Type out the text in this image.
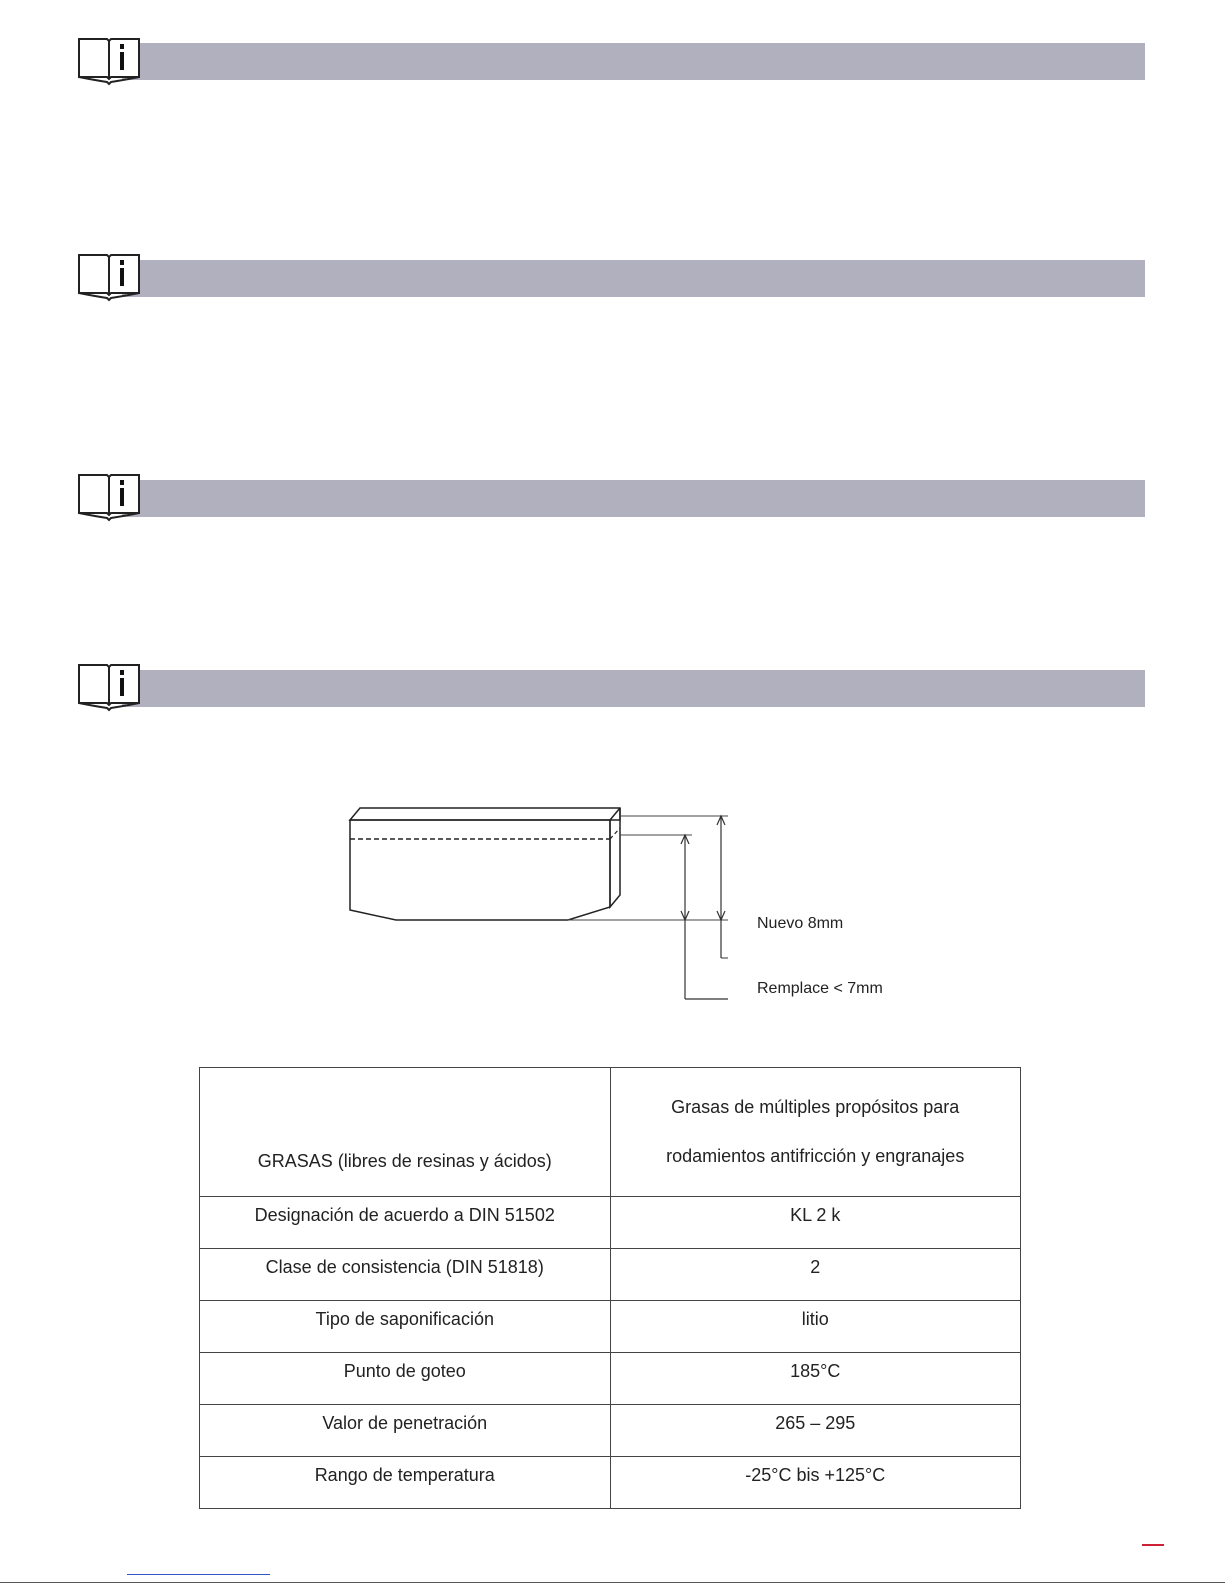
Nuevo 8mm
Remplace < 7mm
GRASAS (libres de resinas y ácidos)	Grasas de múltiples propósitos para
rodamientos antifricción y engranajes
Designación de acuerdo a DIN 51502	KL 2 k
Clase de consistencia (DIN 51818)	2
Tipo de saponificación	litio
Punto de goteo	185°C
Valor de penetración	265 – 295
Rango de temperatura	-25°C bis +125°C
